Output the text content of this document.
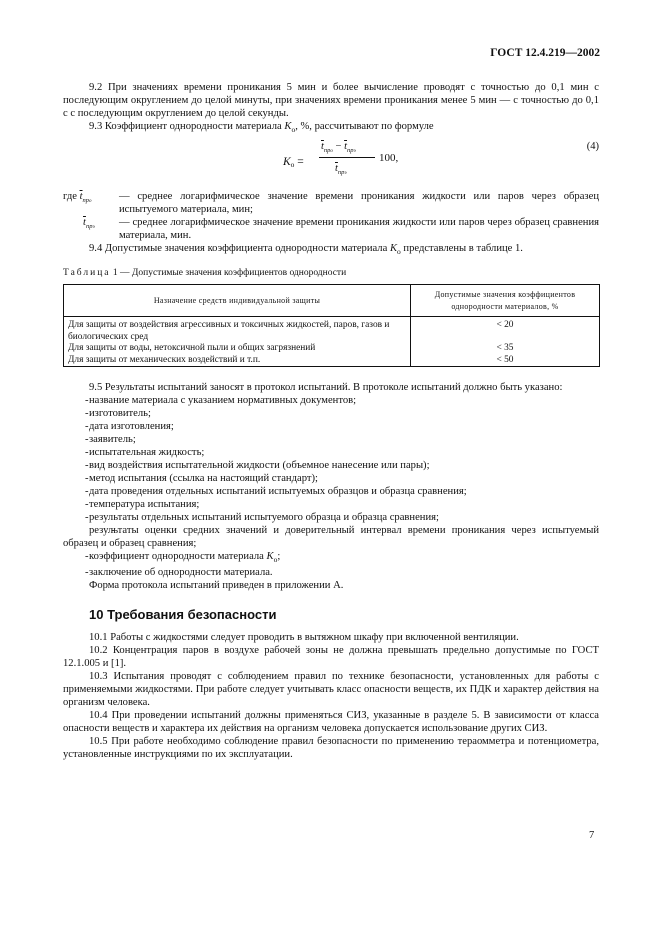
ГОСТ 12.4.219—2002

9.2 При значениях времени проникания 5 мин и более вычисление проводят с точностью до 0,1 мин с последующим округлением до целой минуты, при значениях времени проникания менее 5 мин — с точностью до 0,1 с с последующим округлением до целой секунды.

9.3 Коэффициент однородности материала $K_о$, %, рассчитывают по формуле

Kо =
$\overline{t}_{про} - \overline{t}_{прэ}$
$\overline{t}_{прэ}$
100,
(4)
где $\overline{t}_{про}$	— среднее логарифмическое значение времени проникания жидкости или паров через образец испытуемого материала, мин;
$\overline{t}_{прэ}$	— среднее логарифмическое значение времени проникания жидкости или паров через образец сравнения материала, мин.

9.4 Допустимые значения коэффициента однородности материала $K_о$ представлены в таблице 1.

Таблица 1 — Допустимые значения коэффициентов однородности
Назначение средств индивидуальной защиты	Допустимые значения коэффициентов однородности материалов, %
Для защиты от воздействия агрессивных и токсичных жидкостей, паров, газов и биологических сред	< 20
Для защиты от воды, нетоксичной пыли и общих загрязнений	< 35
Для защиты от механических воздействий и т.п.	< 50

9.5 Результаты испытаний заносят в протокол испытаний. В протоколе испытаний должно быть указано:

- название материала с указанием нормативных документов;
- изготовитель;
- дата изготовления;
- заявитель;
- испытательная жидкость;
- вид воздействия испытательной жидкости (объемное нанесение или пары);
- метод испытания (ссылка на настоящий стандарт);
- дата проведения отдельных испытаний испытуемых образцов и образца сравнения;
- температура испытания;
- результаты отдельных испытаний испытуемого образца и образца сравнения;
- результаты оценки средних значений и доверительный интервал времени проникания через испытуемый образец и образец сравнения;
- коэффициент однородности материала $K_о$;
- заключение об однородности материала.

Форма протокола испытаний приведен в приложении А.

10 Требования безопасности

10.1 Работы с жидкостями следует проводить в вытяжном шкафу при включенной вентиляции.

10.2 Концентрация паров в воздухе рабочей зоны не должна превышать предельно допустимые по ГОСТ 12.1.005 и [1].

10.3 Испытания проводят с соблюдением правил по технике безопасности, установленных для работы с применяемыми жидкостями. При работе следует учитывать класс опасности веществ, их ПДК и характер действия на организм человека.

10.4 При проведении испытаний должны применяться СИЗ, указанные в разделе 5. В зависимости от класса опасности веществ и характера их действия на организм человека допускается использование других СИЗ.

10.5 При работе необходимо соблюдение правил безопасности по применению тераомметра и потенциометра, установленные инструкциями по их эксплуатации.

7
